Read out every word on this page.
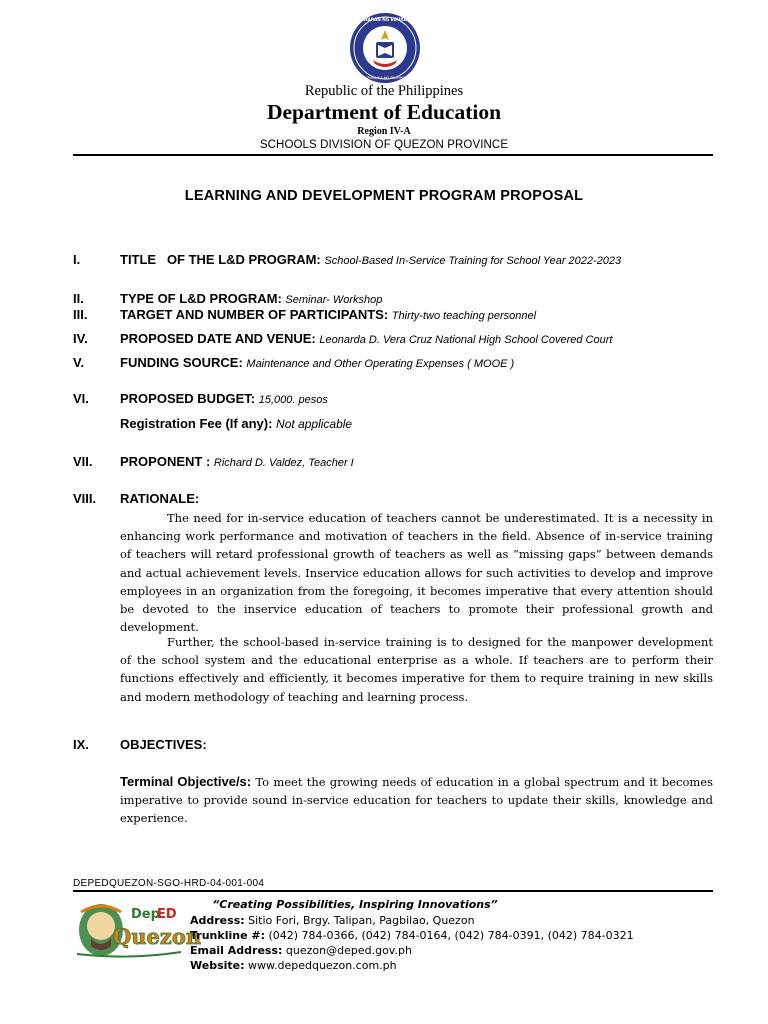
KAGAWARAN NG EDUKASYON
REPUBLIKA NG PILIPINAS
Republic of the Philippines
Department of Education
Region IV-A
SCHOOLS DIVISION OF QUEZON PROVINCE
LEARNING AND DEVELOPMENT PROGRAM PROPOSAL
I.	TITLE   OF THE L&D PROGRAM: School-Based In-Service Training for School Year 2022-2023
II.	TYPE OF L&D PROGRAM: Seminar- Workshop
III.	TARGET AND NUMBER OF PARTICIPANTS: Thirty-two teaching personnel
IV. PROPOSED DATE AND VENUE: Leonarda D. Vera Cruz National High School Covered Court
V.	FUNDING SOURCE: Maintenance and Other Operating Expenses ( MOOE )
VI. PROPOSED BUDGET: 15,000. pesos
Registration Fee (If any): Not applicable
VII. PROPONENT : Richard D. Valdez, Teacher I
VIII. RATIONALE:
The need for in-service education of teachers cannot be underestimated. It is a necessity in enhancing work performance and motivation of teachers in the field. Absence of in-service training of teachers will retard professional growth of teachers as well as “missing gaps” between demands and actual achievement levels. Inservice education allows for such activities to develop and improve employees in an organization from the foregoing, it becomes imperative that every attention should be devoted to the inservice education of teachers to promote their professional growth and development.
Further, the school-based in-service training is to designed for the manpower development of the school system and the educational enterprise as a whole. If teachers are to perform their functions effectively and efficiently, it becomes imperative for them to require training in new skills and modern methodology of teaching and learning process.
IX. OBJECTIVES:
Terminal Objective/s: To meet the growing needs of education in a global spectrum and it becomes imperative to provide sound in-service education for teachers to update their skills, knowledge and experience.
DEPEDQUEZON-SGO-HRD-04-001-004
Dep
ED
Quezon
“Creating Possibilities, Inspiring Innovations”
Address: Sitio Fori, Brgy. Talipan, Pagbilao, Quezon
Trunkline #: (042) 784-0366, (042) 784-0164, (042) 784-0391, (042) 784-0321
Email Address: quezon@deped.gov.ph
Website: www.depedquezon.com.ph
